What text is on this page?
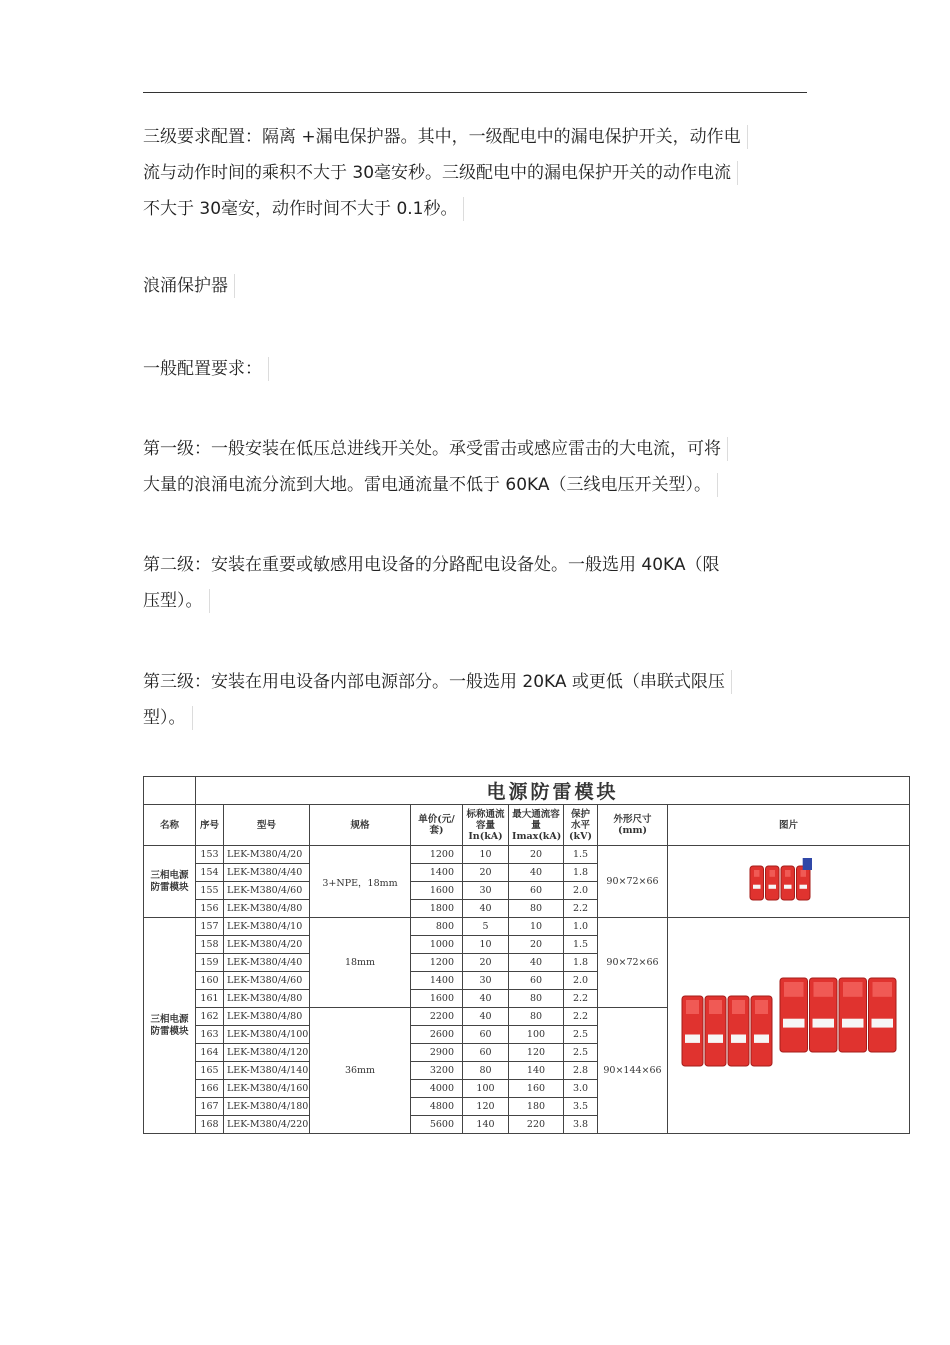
三级要求配置：隔离 +漏电保护器。其中，一级配电中的漏电保护开关，动作电
流与动作时间的乘积不大于 30毫安秒。三级配电中的漏电保护开关的动作电流
不大于 30毫安，动作时间不大于 0.1秒。
浪涌保护器
一般配置要求：
第一级：一般安装在低压总进线开关处。承受雷击或感应雷击的大电流，可将
大量的浪涌电流分流到大地。雷电通流量不低于 60KA（三线电压开关型）。
第二级：安装在重要或敏感用电设备的分路配电设备处。一般选用 40KA（限
压型）。
第三级：安装在用电设备内部电源部分。一般选用 20KA 或更低（串联式限压
型）。
	电源防雷模块								
名称	序号	型号	规格	单价(元/套)	标称通流容量In(kA)	最大通流容量Imax(kA)	保护水平(kV)	外形尺寸(mm)	图片
三相电源防雷模块	153	LEK-M380/4/20	3+NPE，18mm	1200	10	20	1.5	90×72×66	

	154	LEK-M380/4/40		1400	20	40	1.8		
	155	LEK-M380/4/60		1600	30	60	2.0		
	156	LEK-M380/4/80		1800	40	80	2.2		
三相电源防雷模块	157	LEK-M380/4/10	18mm	800	5	10	1.0	90×72×66	

	158	LEK-M380/4/20		1000	10	20	1.5		
	159	LEK-M380/4/40		1200	20	40	1.8		
	160	LEK-M380/4/60		1400	30	60	2.0		
	161	LEK-M380/4/80		1600	40	80	2.2		
	162	LEK-M380/4/80	36mm	2200	40	80	2.2	90×144×66	
	163	LEK-M380/4/100		2600	60	100	2.5		
	164	LEK-M380/4/120		2900	60	120	2.5		
	165	LEK-M380/4/140		3200	80	140	2.8		
	166	LEK-M380/4/160		4000	100	160	3.0		
	167	LEK-M380/4/180		4800	120	180	3.5		
	168	LEK-M380/4/220		5600	140	220	3.8		
